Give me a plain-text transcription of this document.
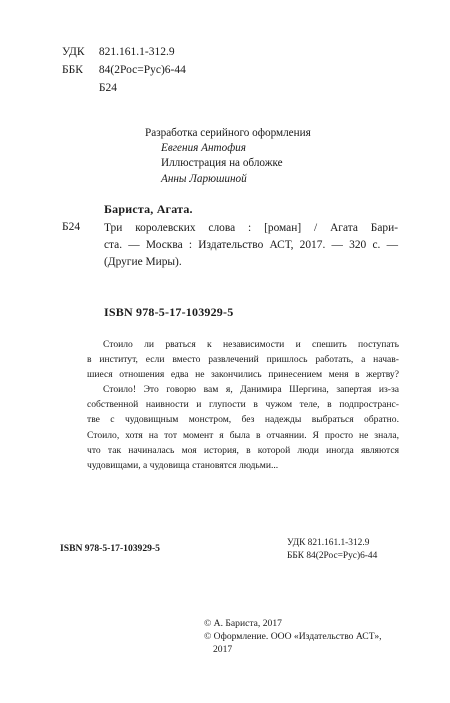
УДК 821.161.1-312.9
ББК 84(2Рос=Рус)6-44
Б24
Разработка серийного оформления
Евгения Антофия
Иллюстрация на обложке
Анны Ларюшиной
Бариста, Агата.
Б24 Три королевских слова : [роман] / Агата Бари-
ста. — Москва : Издательство АСТ, 2017. — 320 с. —
(Другие Миры).
ISBN 978-5-17-103929-5
Стоило ли рваться к независимости и спешить поступать
в институт, если вместо развлечений пришлось работать, а начав-
шиеся отношения едва не закончились принесением меня в жертву?
Стоило! Это говорю вам я, Данимира Шергина, запертая из-за
собственной наивности и глупости в чужом теле, в подпространс-
тве с чудовищным монстром, без надежды выбраться обратно.
Стоило, хотя на тот момент я была в отчаянии. Я просто не знала,
что так начиналась моя история, в которой люди иногда являются
чудовищами, а чудовища становятся людьми...
УДК 821.161.1-312.9
ББК 84(2Рос=Рус)6-44
ISBN 978-5-17-103929-5
© А. Бариста, 2017
© Оформление. ООО «Издательство АСТ»,
2017
